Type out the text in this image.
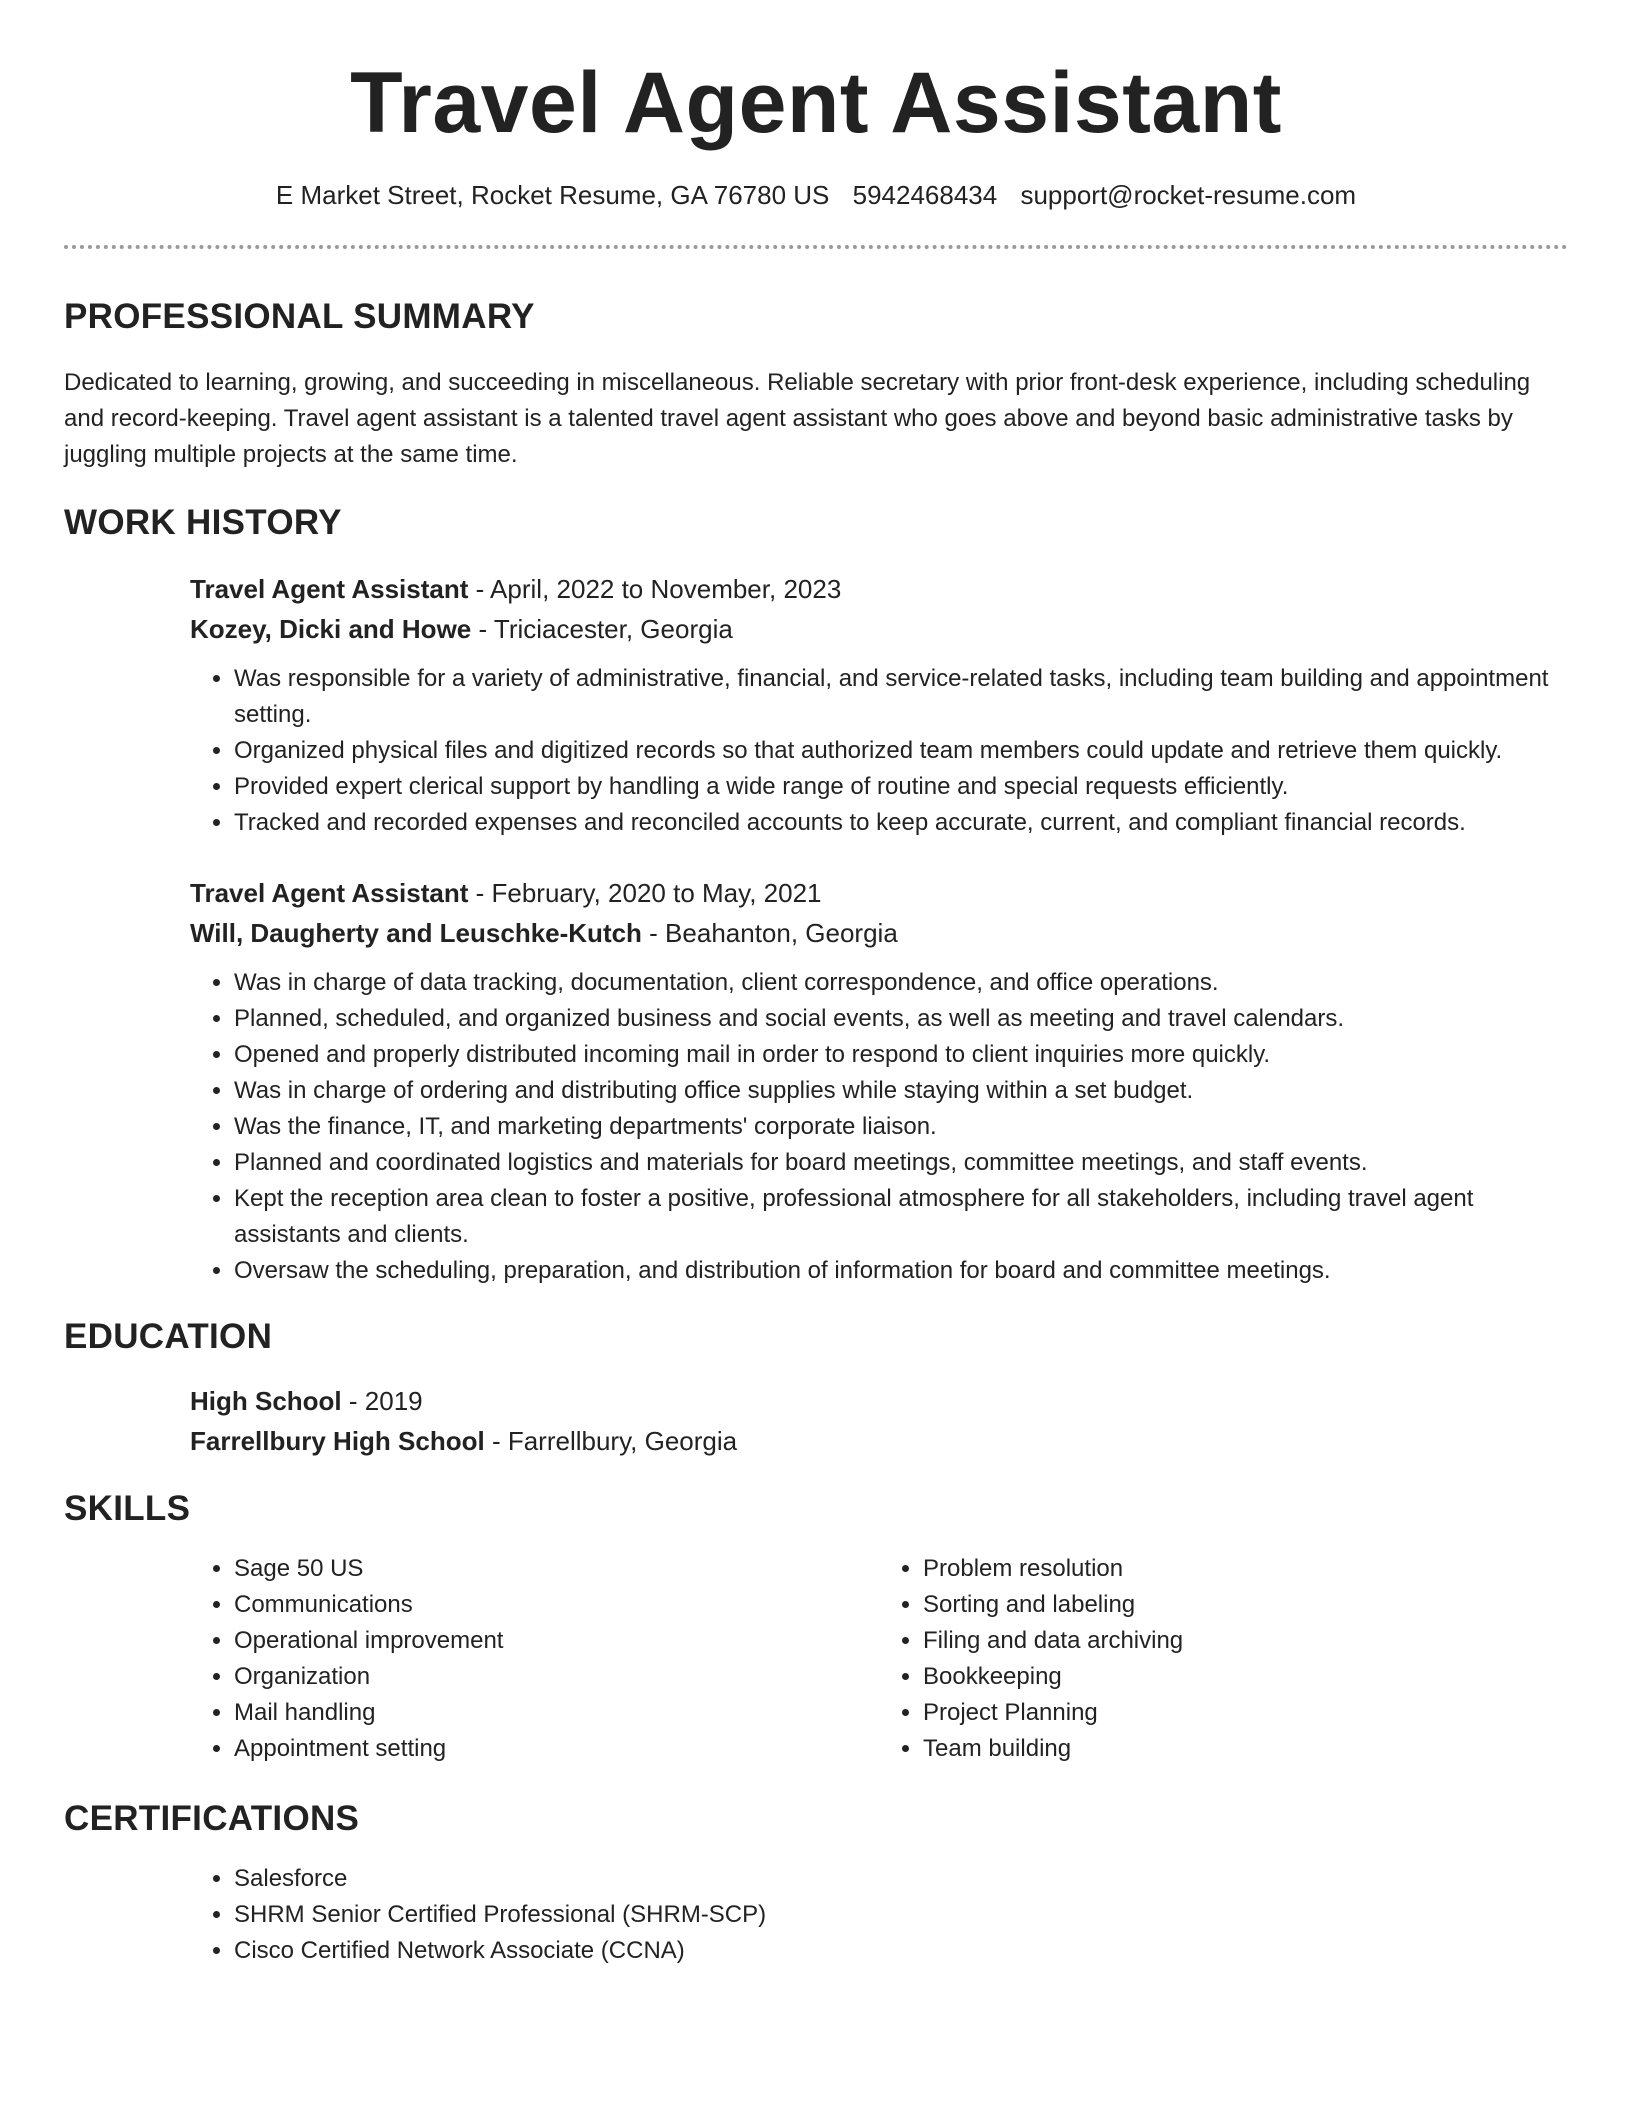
Travel Agent Assistant
E Market Street, Rocket Resume, GA 76780 US 5942468434 support@rocket-resume.com
PROFESSIONAL SUMMARY

Dedicated to learning, growing, and succeeding in miscellaneous. Reliable secretary with prior front-desk experience, including scheduling and record-keeping. Travel agent assistant is a talented travel agent assistant who goes above and beyond basic administrative tasks by juggling multiple projects at the same time.

WORK HISTORY

Travel Agent Assistant - April, 2022 to November, 2023

Kozey, Dicki and Howe - Triciacester, Georgia

• Was responsible for a variety of administrative, financial, and service-related tasks, including team building and appointment setting.
• Organized physical files and digitized records so that authorized team members could update and retrieve them quickly.
• Provided expert clerical support by handling a wide range of routine and special requests efficiently.
• Tracked and recorded expenses and reconciled accounts to keep accurate, current, and compliant financial records.

Travel Agent Assistant - February, 2020 to May, 2021

Will, Daugherty and Leuschke-Kutch - Beahanton, Georgia

• Was in charge of data tracking, documentation, client correspondence, and office operations.
• Planned, scheduled, and organized business and social events, as well as meeting and travel calendars.
• Opened and properly distributed incoming mail in order to respond to client inquiries more quickly.
• Was in charge of ordering and distributing office supplies while staying within a set budget.
• Was the finance, IT, and marketing departments' corporate liaison.
• Planned and coordinated logistics and materials for board meetings, committee meetings, and staff events.
• Kept the reception area clean to foster a positive, professional atmosphere for all stakeholders, including travel agent assistants and clients.
• Oversaw the scheduling, preparation, and distribution of information for board and committee meetings.
EDUCATION

High School - 2019

Farrellbury High School - Farrellbury, Georgia

SKILLS
• Sage 50 US
• Communications
• Operational improvement
• Organization
• Mail handling
• Appointment setting
• Problem resolution
• Sorting and labeling
• Filing and data archiving
• Bookkeeping
• Project Planning
• Team building
CERTIFICATIONS
• Salesforce
• SHRM Senior Certified Professional (SHRM-SCP)
• Cisco Certified Network Associate (CCNA)
